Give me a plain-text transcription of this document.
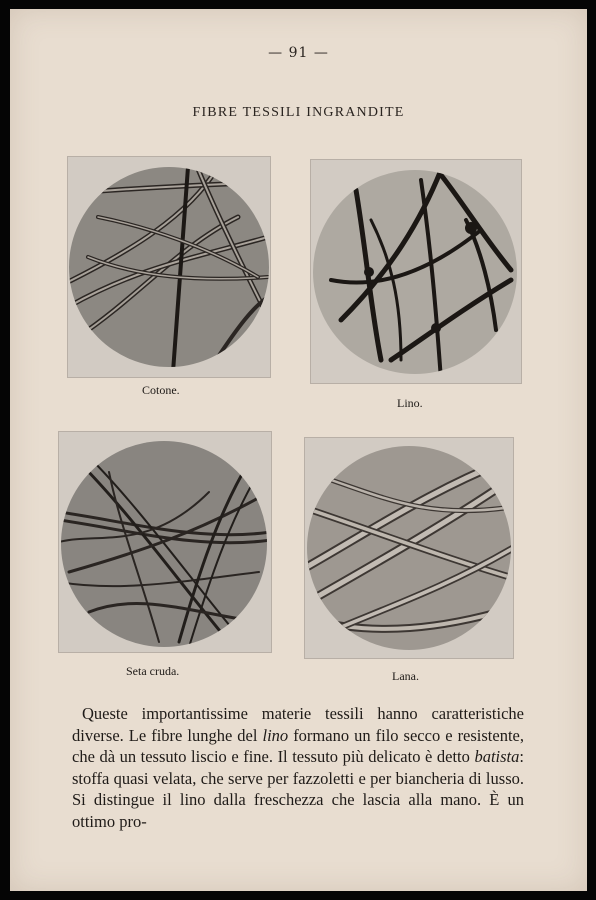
— 91 —
FIBRE TESSILI INGRANDITE
Cotone.
Lino.
Seta cruda.	Lana.

Queste importantissime materie tessili hanno caratteristiche diverse. Le fibre lunghe del lino formano un filo secco e resistente, che dà un tessuto liscio e fine. Il tessuto più delicato è detto batista: stoffa quasi velata, che serve per fazzoletti e per biancheria di lusso. Si distingue il lino dalla freschezza che lascia alla mano. È un ottimo pro-
